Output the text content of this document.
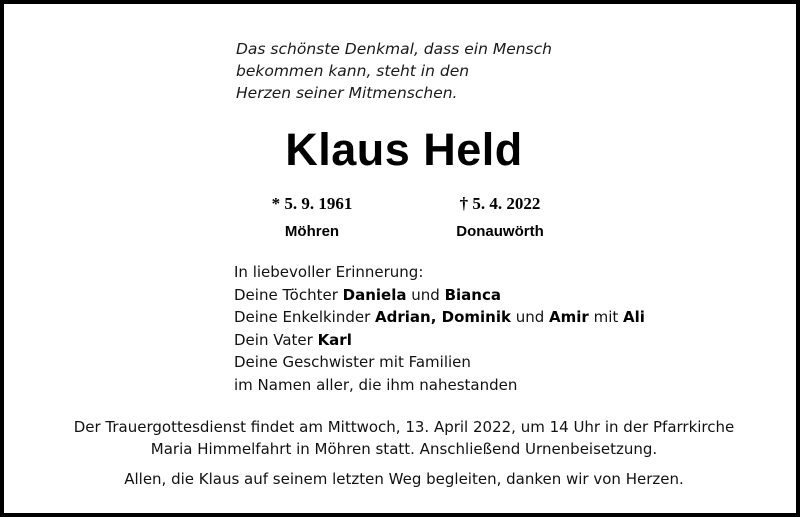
Das schönste Denkmal, dass ein Mensch
bekommen kann, steht in den
Herzen seiner Mitmenschen.
Klaus Held
* 5. 9. 1961
Möhren
† 5. 4. 2022
Donauwörth
In liebevoller Erinnerung:
Deine Töchter Daniela und Bianca
Deine Enkelkinder Adrian, Dominik und Amir mit Ali
Dein Vater Karl
Deine Geschwister mit Familien
im Namen aller, die ihm nahestanden
Der Trauergottesdienst findet am Mittwoch, 13. April 2022, um 14 Uhr in der Pfarrkirche
Maria Himmelfahrt in Möhren statt. Anschließend Urnenbeisetzung.
Allen, die Klaus auf seinem letzten Weg begleiten, danken wir von Herzen.
